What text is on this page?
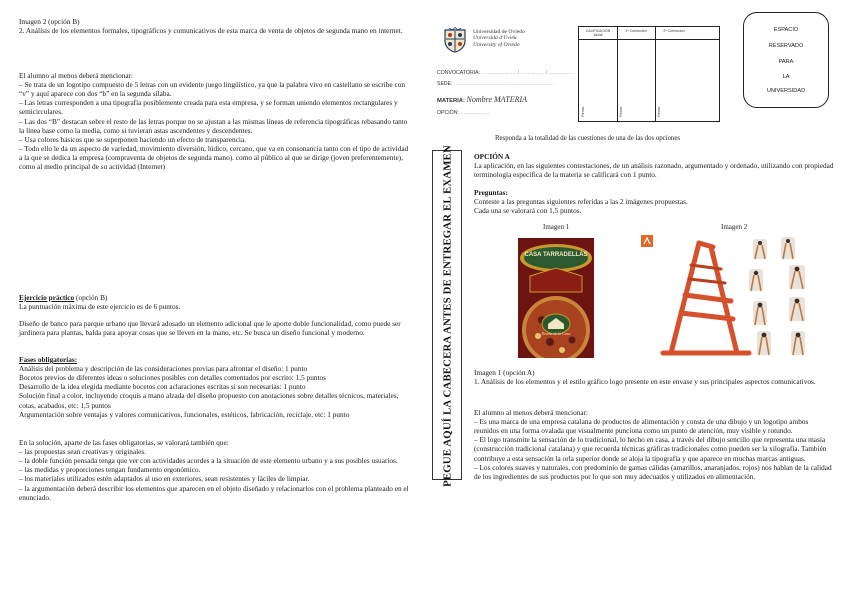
Imagen 2 (opción B)

2. Análisis de los elementos formales, tipográficos y comunicativos de esta marca de venta de objetos de segunda mano en internet.

El alumno al menos deberá mencionar:

– Se trata de un logotipo compuesto de 5 letras con un evidente juego lingüístico, ya que la palabra vivo en castellano se escribe con “v” y aquí aparece con dos “b” en la segunda sílaba.

– Las letras corresponden a una tipografía posiblemente creada para esta empresa, y se forman uniendo elementos rectangulares y semicirculares.

– Las dos “B” destacan sobre el resto de las letras porque no se ajustan a las mismas líneas de referencia tipográficas rebasando tanto la línea base como la media, como si tuvieran astas ascendentes y descendentes.

– Usa colores básicos que se superponen haciendo un efecto de transparencia.

– Todo ello le da un aspecto de variedad, movimiento diversión, lúdico, cercano, que va en consonancia tanto con el tipo de actividad a la que se dedica la empresa (compraventa de objetos de segunda mano). como al público al que se dirige (joven preferentemente), como al medio principal de su actividad (Internet)

Ejercicio práctico (opción B)

La puntuación máxima de este ejercicio es de 6 puntos.

Diseño de banco para parque urbano que llevará adosado un elemento adicional que le aporte doble funcionalidad, como puede ser jardinera para plantas, balda para apoyar cosas que se lleven en la mano, etc. Se busca un diseño funcional y moderno.

Fases obligatorias:

Análisis del problema y descripción de las consideraciones previas para afrontar el diseño: 1 punto

Bocetos previos de diferentes ideas o soluciones posibles con detalles comentados por escrito: 1,5 puntos

Desarrollo de la idea elegida mediante bocetos con aclaraciones escritas si son necesarias: 1 punto

Solución final a color, incluyendo croquis a mano alzada del diseño propuesto con anotaciones sobre detalles técnicos, materiales, cotas, acabados, etc: 1,5 puntos

Argumentación sobre ventajas y valores comunicativos, funcionales, estéticos, fabricación, reciclaje, etc: 1 punto

En la solución, aparte de las fases obligatorias, se valorará también que:

– las propuestas sean creativas y originales.

– la doble función pensada tenga que ver con actividades acordes a la situación de este elemento urbano y a sus posibles usuarios.

– las medidas y proporciones tengan fundamento ergonómico.

– los materiales utilizados estén adaptados al uso en exteriores, sean resistentes y fáciles de limpiar.

– la argumentación deberá describir los elementos que aparecen en el objeto diseñado y relacionarlos con el problema planteado en el enunciado.

Universidad de Oviedo
Universidá d'Uviéu
University of Oviedo
CONVOCATORIA: ..................... / .............. / ...............
SEDE: .............................................................
MATERIA: Nombre MATERIA
OPCIÓN: ..................
CALIFICACIÓN Inicial
1ª Corrección	2ª Corrección
Firma	Firma	Firma
ESPACIO
RESERVADO
PARA
LA
UNIVERSIDAD
Responda a la totalidad de las cuestiones de una de las dos opciones
PEGUE AQUÍ LA CABECERA ANTES DE ENTREGAR EL EXAMEN	OPCIÓN A

La aplicación, en las siguientes contestaciones, de un análisis razonado, argumentado y ordenado, utilizando con propiedad terminología específica de la materia se calificará con 1 punto.

Preguntas:

Conteste a las preguntas siguientes referidas a las 2 imágenes propuestas.

Cada una se valorará con 1,5 puntos.

Imagen 1 (opción A)

1. Análisis de los elementos y el estilo gráfico logo presente en este envase y sus principales aspectos comunicativos.

El alumno al menos deberá mencionar:

– Es una marca de una empresa catalana de productos de alimentación y consta de una dibujo y un logotipo ambos reunidos en una forma ovalada que visualmente punciona como un punto de atención, muy visible y rotundo.

– El logo transmite la sensación de lo tradicional, lo hecho en casa, a través del dibujo sencillo que representa una masía (construcción tradicional catalana) y que recuerda técnicas gráficas tradicionales como pueden ser la xilografía. También contribuye a esta sensación la orla superior donde se aloja la tipografía y que aparece en muchas marcas antiguas.

– Los colores suaves y naturales, con predominio de gamas cálidas (amarillos, anaranjados, rojos) nos hablan de la calidad de los ingredientes de sus productos por lo que son muy adecuados y utilizados en alimentación.

Imagen 1	Imagen 2
CASA TARRADELLAS
Receta de la Casa
